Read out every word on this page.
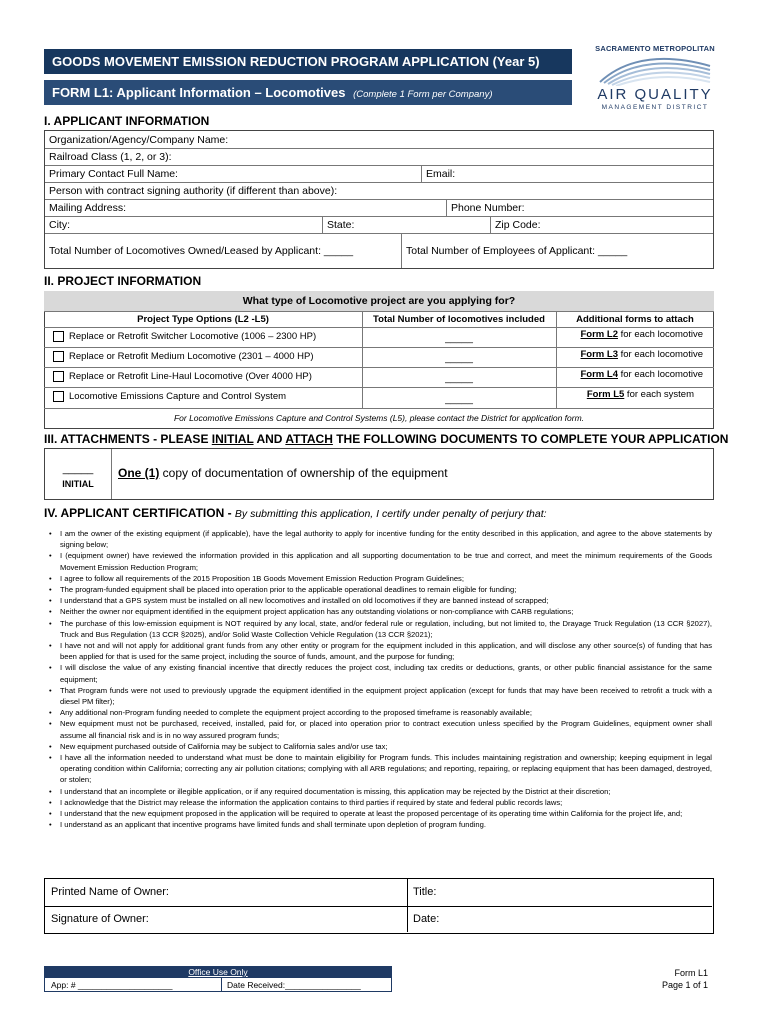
GOODS MOVEMENT EMISSION REDUCTION PROGRAM APPLICATION (Year 5)
FORM L1: Applicant Information – Locomotives (Complete 1 Form per Company)
SACRAMENTO METROPOLITAN
AIR QUALITY
MANAGEMENT DISTRICT
I. APPLICANT INFORMATION
Organization/Agency/Company Name:
Railroad Class (1, 2, or 3):
Primary Contact Full Name:	Email:
Person with contract signing authority (if different than above):
Mailing Address:	Phone Number:
City:	State:	Zip Code:
Total Number of Locomotives Owned/Leased by Applicant: _____	Total Number of Employees of Applicant: _____
II. PROJECT INFORMATION
What type of Locomotive project are you applying for?
Project Type Options (L2 -L5)	Total Number of locomotives included	Additional forms to attach
Replace or Retrofit Switcher Locomotive (1006 – 2300 HP)	_____	Form L2 for each locomotive
Replace or Retrofit Medium Locomotive (2301 – 4000 HP)	_____	Form L3 for each locomotive
Replace or Retrofit Line-Haul Locomotive (Over 4000 HP)	_____	Form L4 for each locomotive
Locomotive Emissions Capture and Control System	_____	Form L5 for each system
For Locomotive Emissions Capture and Control Systems (L5), please contact the District for application form.
III. ATTACHMENTS - PLEASE INITIAL AND ATTACH THE FOLLOWING DOCUMENTS TO COMPLETE YOUR APPLICATION
_____
INITIAL
One (1) copy of documentation of ownership of the equipment
IV. APPLICANT CERTIFICATION - By submitting this application, I certify under penalty of perjury that:
• I am the owner of the existing equipment (if applicable), have the legal authority to apply for incentive funding for the entity described in this application, and agree to the above statements by signing below;
• I (equipment owner) have reviewed the information provided in this application and all supporting documentation to be true and correct, and meet the minimum requirements of the Goods Movement Emission Reduction Program;
• I agree to follow all requirements of the 2015 Proposition 1B Goods Movement Emission Reduction Program Guidelines;
• The program-funded equipment shall be placed into operation prior to the applicable operational deadlines to remain eligible for funding;
• I understand that a GPS system must be installed on all new locomotives and installed on old locomotives if they are banned instead of scrapped;
• Neither the owner nor equipment identified in the equipment project application has any outstanding violations or non-compliance with CARB regulations;
• The purchase of this low-emission equipment is NOT required by any local, state, and/or federal rule or regulation, including, but not limited to, the Drayage Truck Regulation (13 CCR §2027), Truck and Bus Regulation (13 CCR §2025), and/or Solid Waste Collection Vehicle Regulation (13 CCR §2021);
• I have not and will not apply for additional grant funds from any other entity or program for the equipment included in this application, and will disclose any other source(s) of funding that has been applied for that is used for the same project, including the source of funds, amount, and the purpose for funding;
• I will disclose the value of any existing financial incentive that directly reduces the project cost, including tax credits or deductions, grants, or other public financial assistance for the same equipment;
• That Program funds were not used to previously upgrade the equipment identified in the equipment project application (except for funds that may have been received to retrofit a truck with a diesel PM filter);
• Any additional non-Program funding needed to complete the equipment project according to the proposed timeframe is reasonably available;
• New equipment must not be purchased, received, installed, paid for, or placed into operation prior to contract execution unless specified by the Program Guidelines, equipment owner shall assume all financial risk and is in no way assured program funds;
• New equipment purchased outside of California may be subject to California sales and/or use tax;
• I have all the information needed to understand what must be done to maintain eligibility for Program funds. This includes maintaining registration and ownership; keeping equipment in legal operating condition within California; correcting any air pollution citations; complying with all ARB regulations; and reporting, repairing, or replacing equipment that has been damaged, destroyed, or stolen;
• I understand that an incomplete or illegible application, or if any required documentation is missing, this application may be rejected by the District at their discretion;
• I acknowledge that the District may release the information the application contains to third parties if required by state and federal public records laws;
• I understand that the new equipment proposed in the application will be required to operate at least the proposed percentage of its operating time within California for the project life, and;
• I understand as an applicant that incentive programs have limited funds and shall terminate upon depletion of program funding.
Printed Name of Owner:	Title:
Signature of Owner:	Date:
Office Use Only
App: # ____________________	Date Received:________________
Form L1
Page 1 of 1
